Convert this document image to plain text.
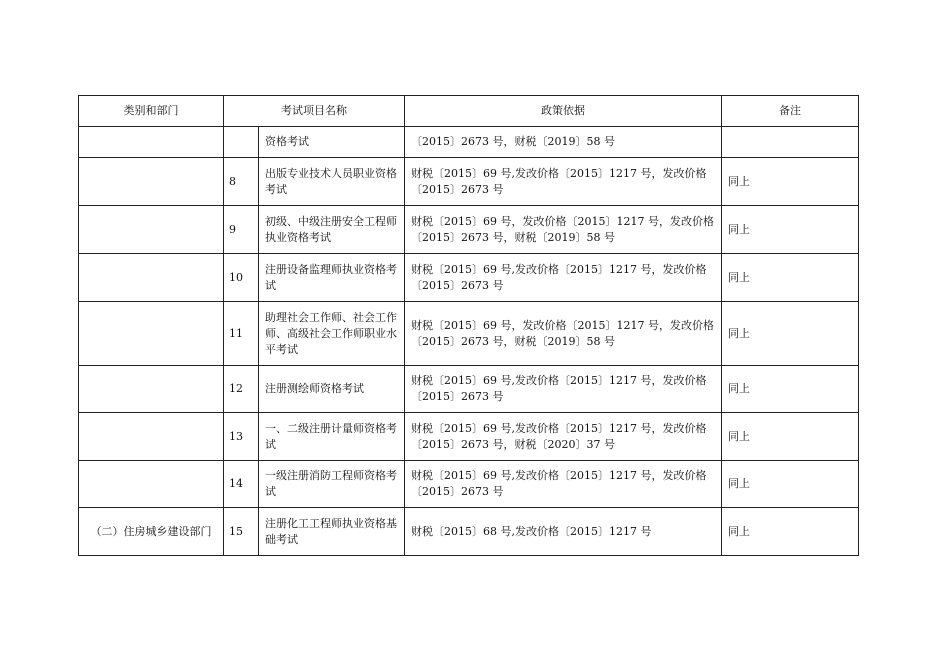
类别和部门	考试项目名称		政策依据	备注
		资格考试	〔2015〕2673 号，财税〔2019〕58 号	
	8	出版专业技术人员职业资格考试	财税〔2015〕69 号,发改价格〔2015〕1217 号，发改价格〔2015〕2673 号	同上
	9	初级、中级注册安全工程师执业资格考试	财税〔2015〕69 号，发改价格〔2015〕1217 号，发改价格〔2015〕2673 号，财税〔2019〕58 号	同上
	10	注册设备监理师执业资格考试	财税〔2015〕69 号,发改价格〔2015〕1217 号，发改价格〔2015〕2673 号	同上
	11	助理社会工作师、社会工作师、高级社会工作师职业水平考试	财税〔2015〕69 号，发改价格〔2015〕1217 号，发改价格〔2015〕2673 号，财税〔2019〕58 号	同上
	12	注册测绘师资格考试	财税〔2015〕69 号,发改价格〔2015〕1217 号，发改价格〔2015〕2673 号	同上
	13	一、二级注册计量师资格考试	财税〔2015〕69 号,发改价格〔2015〕1217 号，发改价格〔2015〕2673 号，财税〔2020〕37 号	同上
	14	一级注册消防工程师资格考试	财税〔2015〕69 号,发改价格〔2015〕1217 号，发改价格〔2015〕2673 号	同上
（二）住房城乡建设部门	15	注册化工工程师执业资格基础考试	财税〔2015〕68 号,发改价格〔2015〕1217 号	同上
